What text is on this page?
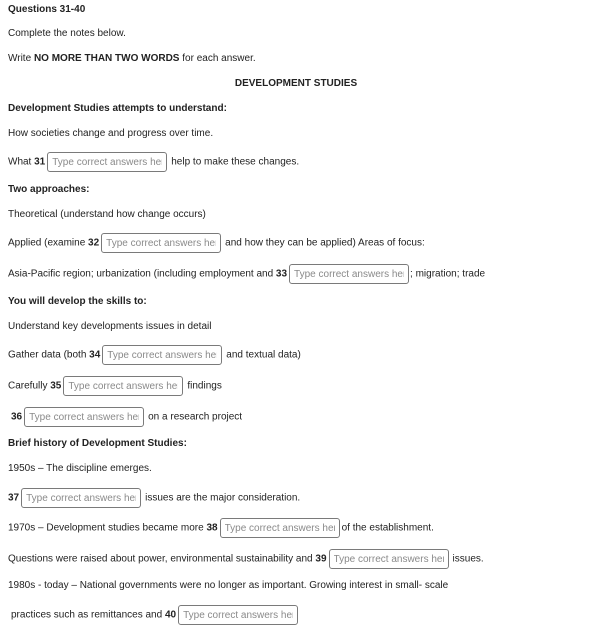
Questions 31-40
Complete the notes below.
Write NO MORE THAN TWO WORDS for each answer.
DEVELOPMENT STUDIES
Development Studies attempts to understand:
How societies change and progress over time.
What 31Type correct answers here	help to make these changes.
Two approaches:
Theoretical (understand how change occurs)
Applied (examine 32Type correct answers here	and how they can be applied) Areas of focus:
Asia-Pacific region; urbanization (including employment and 33Type correct answers here	; migration; trade
You will develop the skills to:
Understand key developments issues in detail
Gather data (both 34Type correct answers here	and textual data)
Carefully 35Type correct answers here	findings
36Type correct answers here	on a research project
Brief history of Development Studies:
1950s – The discipline emerges.
37Type correct answers here	issues are the major consideration.
1970s – Development studies became more 38Type correct answers here	of the establishment.
Questions were raised about power, environmental sustainability and 39Type correct answers here	issues.
1980s - today – National governments were no longer as important. Growing interest in small- scale
practices such as remittances and 40Type correct answers here
